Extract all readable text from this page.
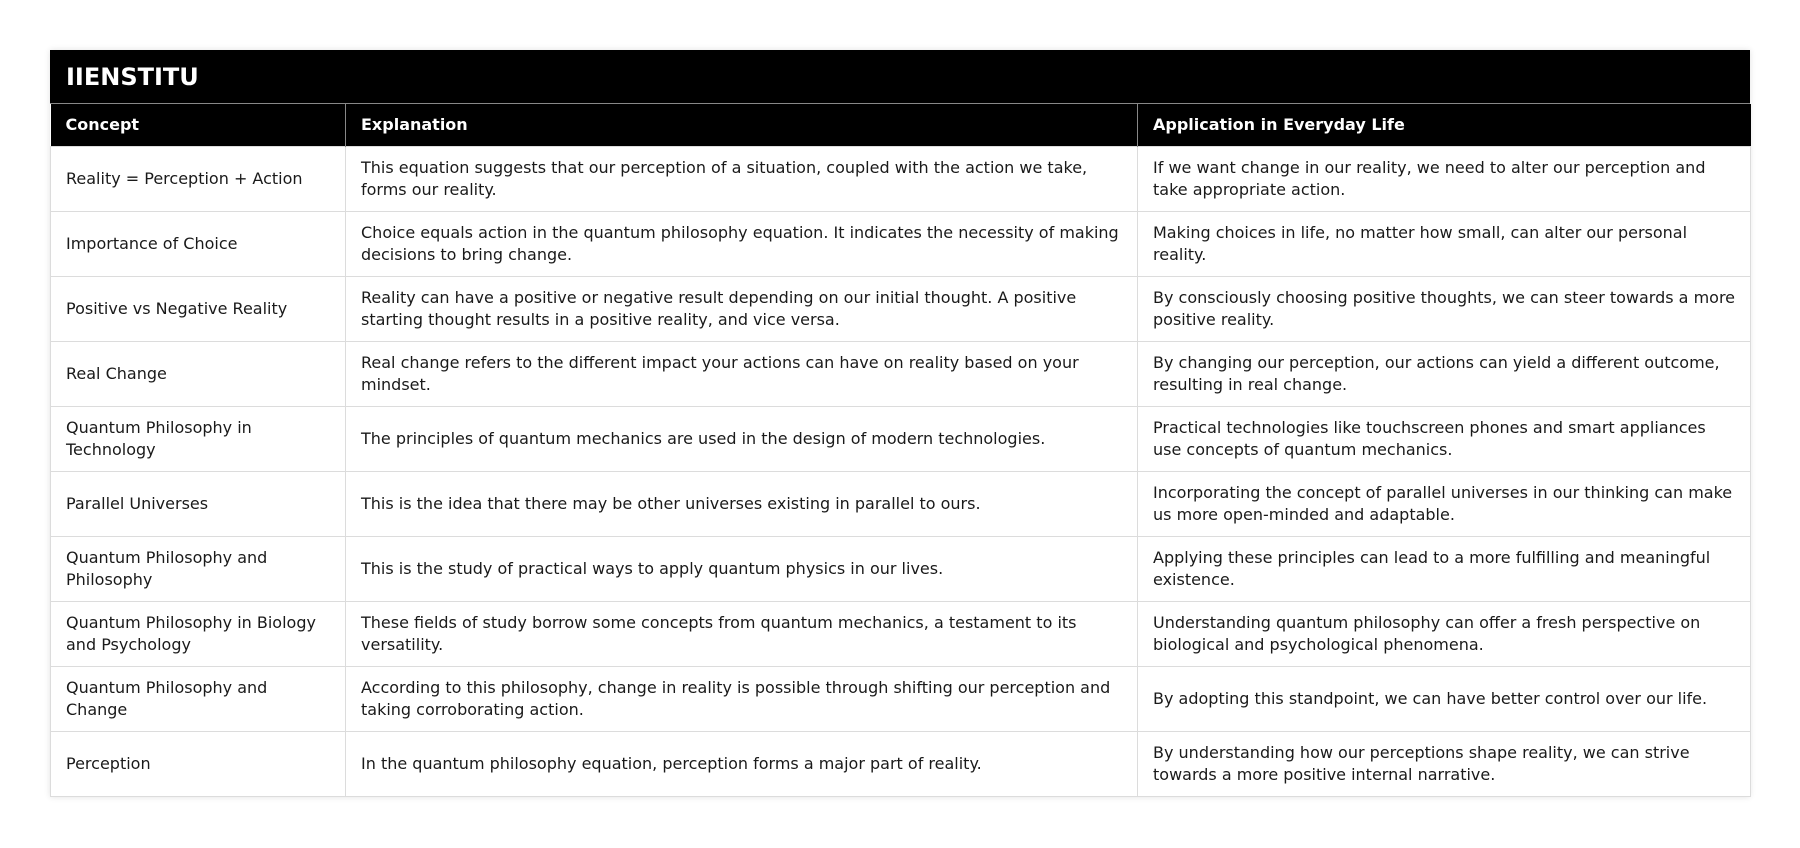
IIENSTITU
Concept	Explanation	Application in Everyday Life
Reality = Perception + Action	This equation suggests that our perception of a situation, coupled with the action we take, forms our reality.	If we want change in our reality, we need to alter our perception and take appropriate action.
Importance of Choice	Choice equals action in the quantum philosophy equation. It indicates the necessity of making decisions to bring change.	Making choices in life, no matter how small, can alter our personal reality.
Positive vs Negative Reality	Reality can have a positive or negative result depending on our initial thought. A positive starting thought results in a positive reality, and vice versa.	By consciously choosing positive thoughts, we can steer towards a more positive reality.
Real Change	Real change refers to the different impact your actions can have on reality based on your mindset.	By changing our perception, our actions can yield a different outcome, resulting in real change.
Quantum Philosophy in Technology	The principles of quantum mechanics are used in the design of modern technologies.	Practical technologies like touchscreen phones and smart appliances use concepts of quantum mechanics.
Parallel Universes	This is the idea that there may be other universes existing in parallel to ours.	Incorporating the concept of parallel universes in our thinking can make us more open-minded and adaptable.
Quantum Philosophy and Philosophy	This is the study of practical ways to apply quantum physics in our lives.	Applying these principles can lead to a more fulfilling and meaningful existence.
Quantum Philosophy in Biology and Psychology	These fields of study borrow some concepts from quantum mechanics, a testament to its versatility.	Understanding quantum philosophy can offer a fresh perspective on biological and psychological phenomena.
Quantum Philosophy and Change	According to this philosophy, change in reality is possible through shifting our perception and taking corroborating action.	By adopting this standpoint, we can have better control over our life.
Perception	In the quantum philosophy equation, perception forms a major part of reality.	By understanding how our perceptions shape reality, we can strive towards a more positive internal narrative.
